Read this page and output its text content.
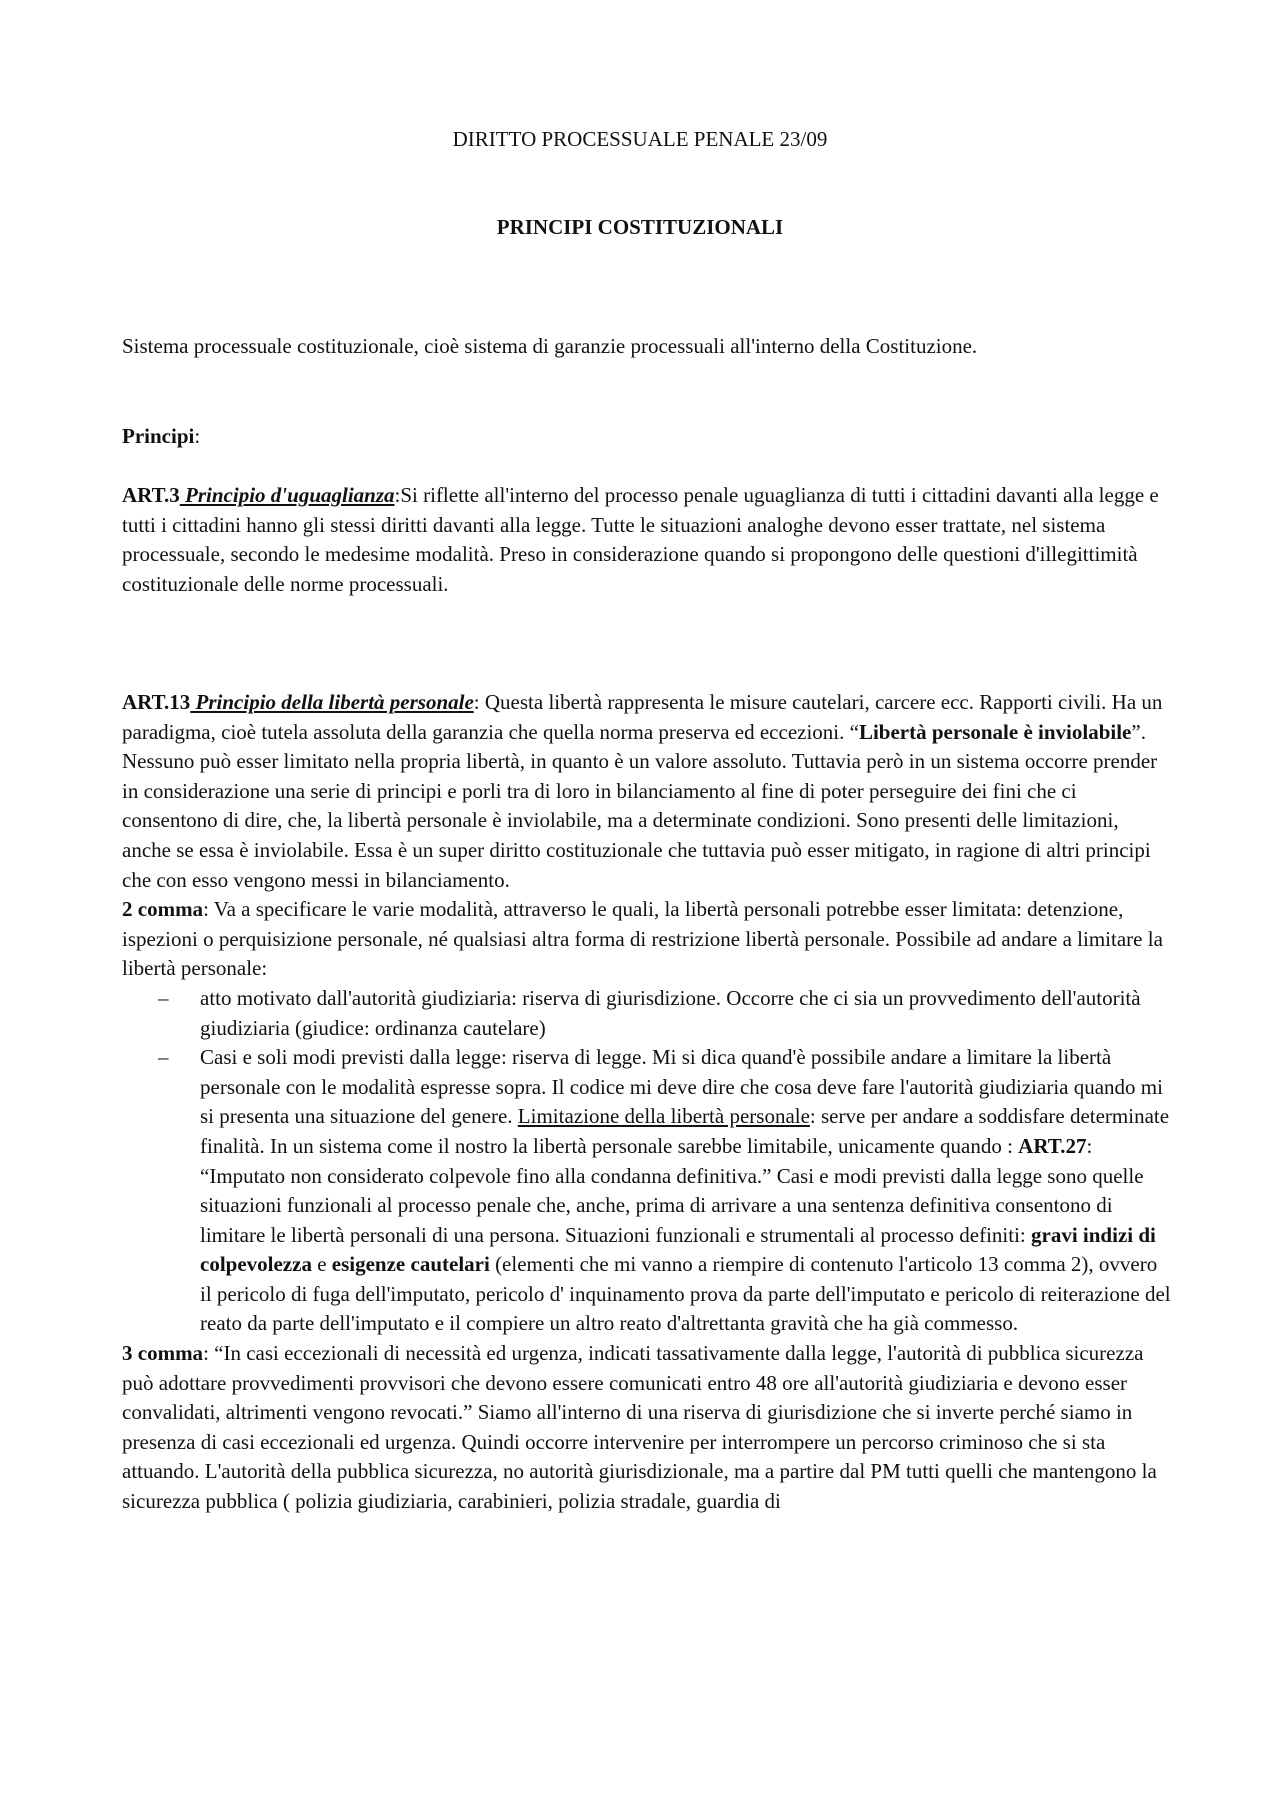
DIRITTO PROCESSUALE PENALE 23/09
PRINCIPI COSTITUZIONALI

Sistema processuale costituzionale, cioè sistema di garanzie processuali all'interno della Costituzione.

Principi:

ART.3 Principio d'uguaglianza:Si riflette all'interno del processo penale uguaglianza di tutti i cittadini davanti alla legge e tutti i cittadini hanno gli stessi diritti davanti alla legge. Tutte le situazioni analoghe devono esser trattate, nel sistema processuale, secondo le medesime modalità. Preso in considerazione quando si propongono delle questioni d'illegittimità costituzionale delle norme processuali.

ART.13 Principio della libertà personale: Questa libertà rappresenta le misure cautelari, carcere ecc. Rapporti civili. Ha un paradigma, cioè tutela assoluta della garanzia che quella norma preserva ed eccezioni. “Libertà personale è inviolabile”. Nessuno può esser limitato nella propria libertà, in quanto è un valore assoluto. Tuttavia però in un sistema occorre prender in considerazione una serie di principi e porli tra di loro in bilanciamento al fine di poter perseguire dei fini che ci consentono di dire, che, la libertà personale è inviolabile, ma a determinate condizioni. Sono presenti delle limitazioni, anche se essa è inviolabile. Essa è un super diritto costituzionale che tuttavia può esser mitigato, in ragione di altri principi che con esso vengono messi in bilanciamento.

2 comma: Va a specificare le varie modalità, attraverso le quali, la libertà personali potrebbe esser limitata: detenzione, ispezioni o perquisizione personale, né qualsiasi altra forma di restrizione libertà personale. Possibile ad andare a limitare la libertà personale:

– atto motivato dall'autorità giudiziaria: riserva di giurisdizione. Occorre che ci sia un provvedimento dell'autorità giudiziaria (giudice: ordinanza cautelare)
– Casi e soli modi previsti dalla legge: riserva di legge. Mi si dica quand'è possibile andare a limitare la libertà personale con le modalità espresse sopra. Il codice mi deve dire che cosa deve fare l'autorità giudiziaria quando mi si presenta una situazione del genere. Limitazione della libertà personale: serve per andare a soddisfare determinate finalità. In un sistema come il nostro la libertà personale sarebbe limitabile, unicamente quando : ART.27: “Imputato non considerato colpevole fino alla condanna definitiva.” Casi e modi previsti dalla legge sono quelle situazioni funzionali al processo penale che, anche, prima di arrivare a una sentenza definitiva consentono di limitare le libertà personali di una persona. Situazioni funzionali e strumentali al processo definiti: gravi indizi di colpevolezza e esigenze cautelari (elementi che mi vanno a riempire di contenuto l'articolo 13 comma 2), ovvero il pericolo di fuga dell'imputato, pericolo d' inquinamento prova da parte dell'imputato e pericolo di reiterazione del reato da parte dell'imputato e il compiere un altro reato d'altrettanta gravità che ha già commesso.

3 comma: “In casi eccezionali di necessità ed urgenza, indicati tassativamente dalla legge, l'autorità di pubblica sicurezza può adottare provvedimenti provvisori che devono essere comunicati entro 48 ore all'autorità giudiziaria e devono esser convalidati, altrimenti vengono revocati.” Siamo all'interno di una riserva di giurisdizione che si inverte perché siamo in presenza di casi eccezionali ed urgenza. Quindi occorre intervenire per interrompere un percorso criminoso che si sta attuando. L'autorità della pubblica sicurezza, no autorità giurisdizionale, ma a partire dal PM tutti quelli che mantengono la sicurezza pubblica ( polizia giudiziaria, carabinieri, polizia stradale, guardia di
